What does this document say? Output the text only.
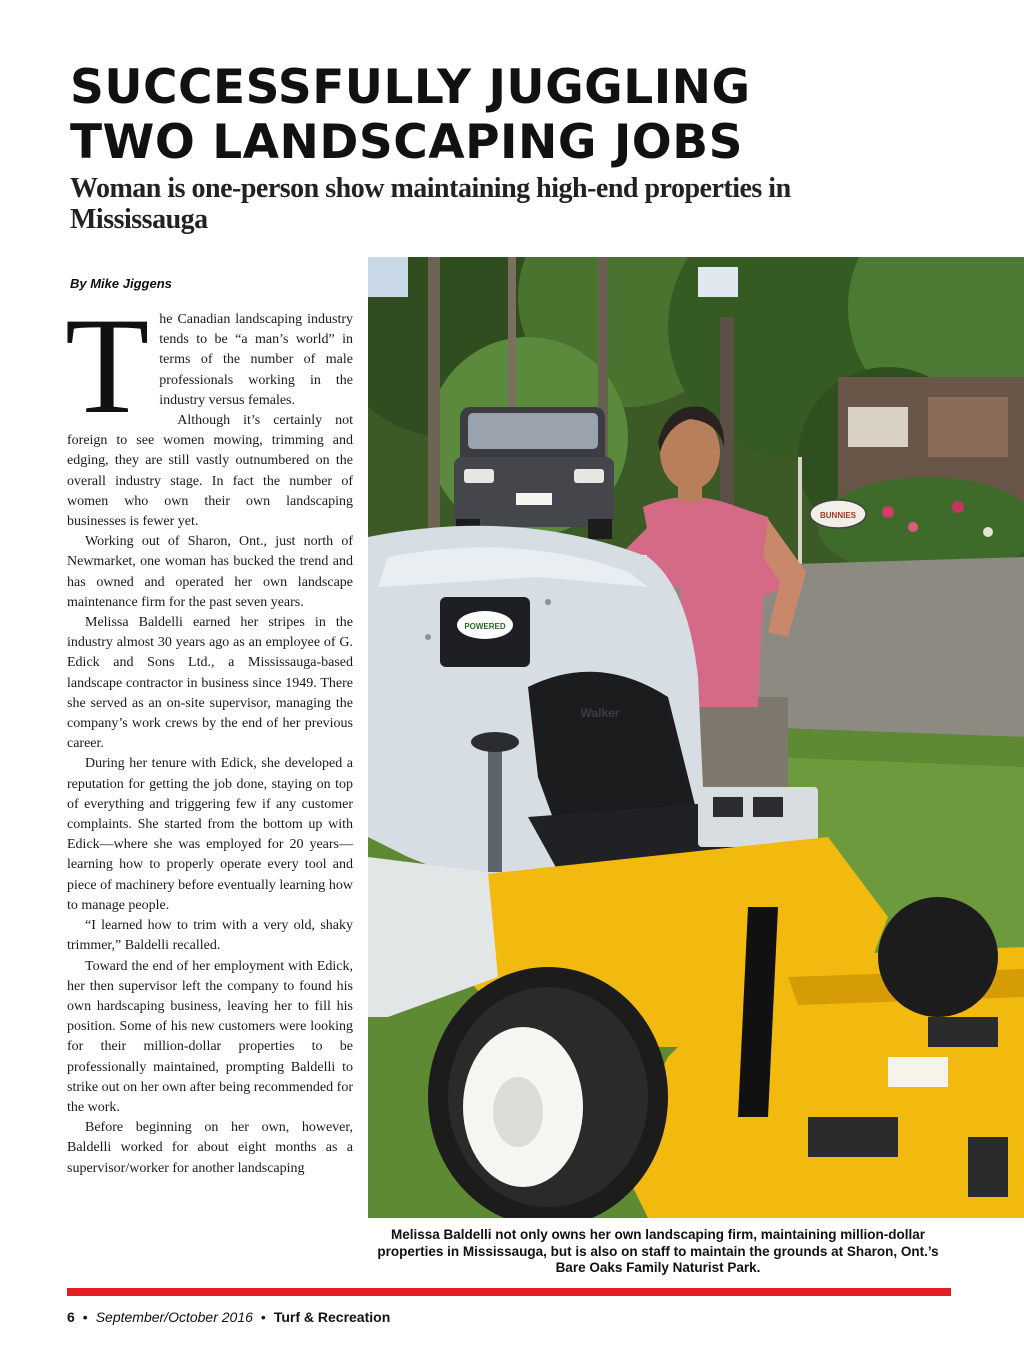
SUCCESSFULLY JUGGLING
TWO LANDSCAPING JOBS
Woman is one-person show maintaining high-end properties in Mississauga
By Mike Jiggens

The Canadian landscaping industry tends to be “a man’s world” in terms of the number of male professionals working in the industry versus females.

Although it’s certainly not foreign to see women mowing, trimming and edging, they are still vastly outnumbered on the overall industry stage. In fact the number of women who own their own landscaping businesses is fewer yet.

Working out of Sharon, Ont., just north of Newmarket, one woman has bucked the trend and has owned and operated her own landscape maintenance firm for the past seven years.

Melissa Baldelli earned her stripes in the industry almost 30 years ago as an employee of G. Edick and Sons Ltd., a Mississauga-based landscape contractor in business since 1949. There she served as an on-site supervisor, managing the company’s work crews by the end of her previous career.

During her tenure with Edick, she developed a reputation for getting the job done, staying on top of everything and triggering few if any customer complaints. She started from the bottom up with Edick—where she was employed for 20 years—learning how to properly operate every tool and piece of machinery before eventually learning how to manage people.

“I learned how to trim with a very old, shaky trimmer,” Baldelli recalled.

Toward the end of her employment with Edick, her then supervisor left the company to found his own hardscaping business, leaving her to fill his position. Some of his new customers were looking for their million-dollar properties to be professionally maintained, prompting Baldelli to strike out on her own after being recommended for the work.

Before beginning on her own, however, Baldelli worked for about eight months as a supervisor/worker for another landscaping

BUNNIES
POWERED
Walker
Melissa Baldelli not only owns her own landscaping firm, maintaining million-dollar properties in Mississauga, but is also on staff to maintain the grounds at Sharon, Ont.’s Bare Oaks Family Naturist Park.
6 • September/October 2016 • Turf & Recreation
